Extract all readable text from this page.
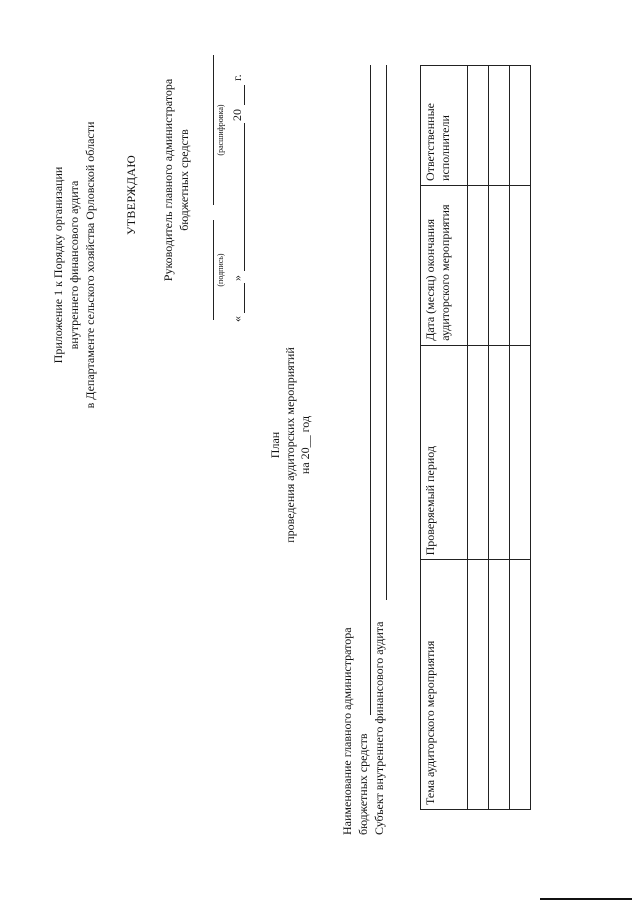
Приложение 1 к Порядку организации внутреннего финансового аудита в Департаменте сельского хозяйства Орловской области УТВЕРЖДАЮ Руководитель главного администратора бюджетных средств
(подпись)
(расшифровка)
«
»
20
г.
План проведения аудиторских мероприятий на 20__ год
Наименование главного администратора бюджетных средств Субъект внутреннего финансового аудита	Тема аудиторского мероприятия	Проверяемый период	Дата (месяц) окончания аудиторского мероприятия	Ответственные исполнители
